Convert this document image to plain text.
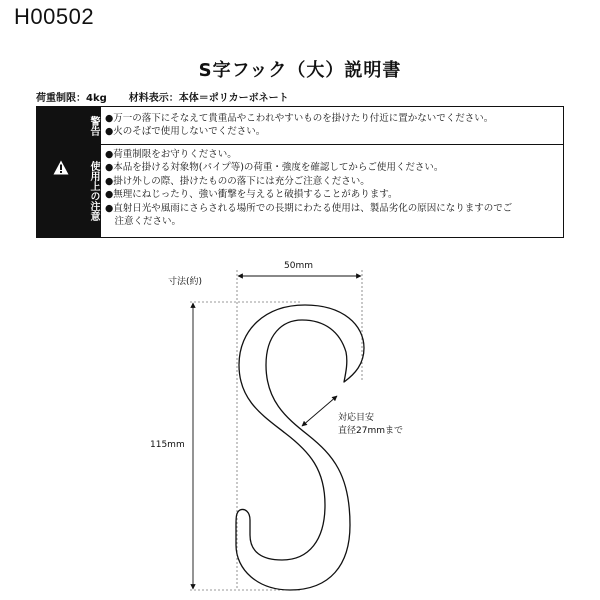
H00502
S字フック（大）説明書
荷重制限：4kg 材料表示：本体＝ポリカーボネート
警告
使用上の注意
●万一の落下にそなえて貴重品やこわれやすいものを掛けたり付近に置かないでください。
●火のそばで使用しないでください。
●荷重制限をお守りください。
●本品を掛ける対象物(パイプ等)の荷重・強度を確認してからご使用ください。
●掛け外しの際、掛けたものの落下には充分ご注意ください。
●無理にねじったり、強い衝撃を与えると破損することがあります。
●直射日光や風雨にさらされる場所での長期にわたる使用は、製品劣化の原因になりますのでご
　注意ください。
寸法(約)
50mm
115mm
対応目安
直径27mmまで
